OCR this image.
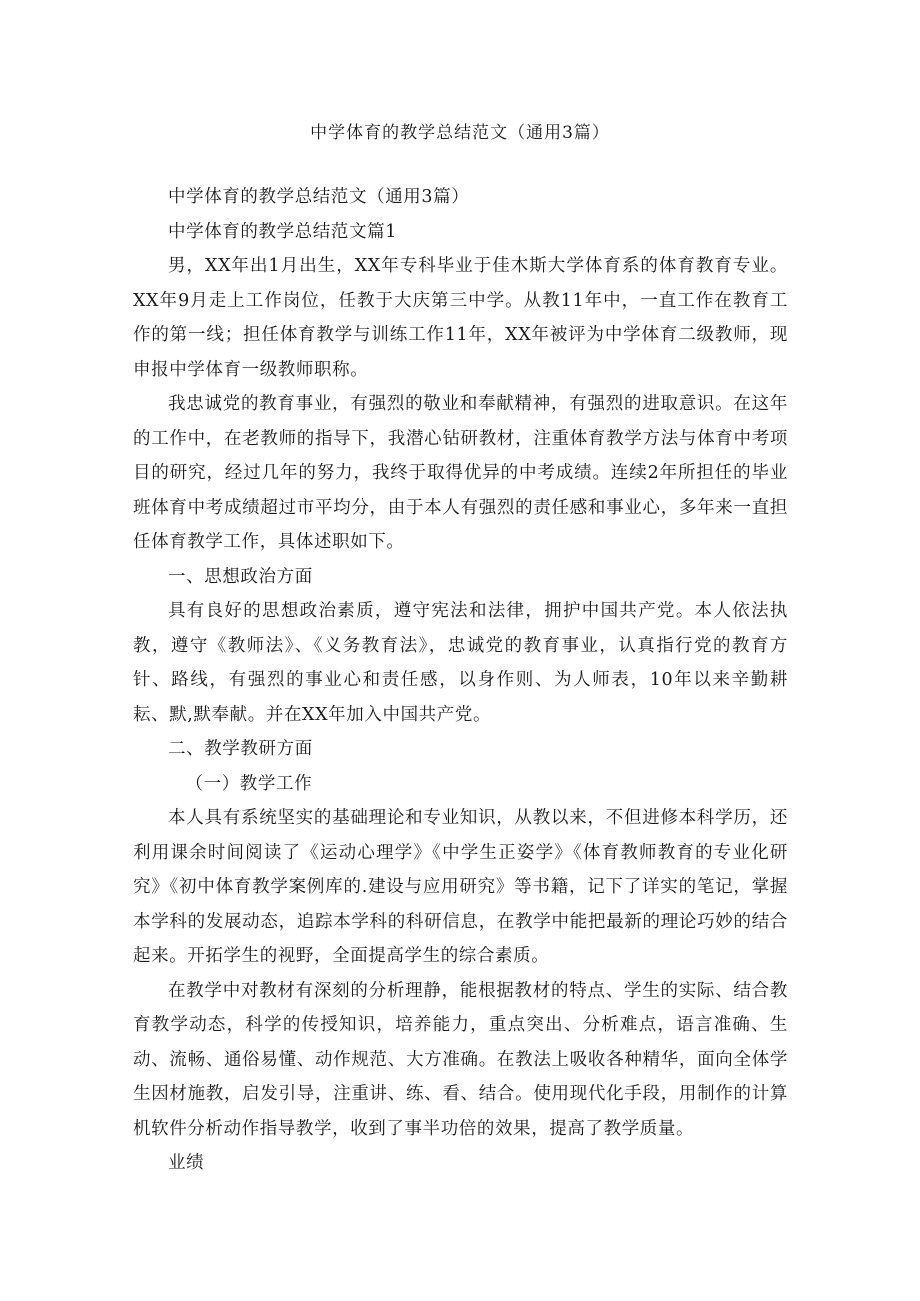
中学体育的教学总结范文（通用3篇）

中学体育的教学总结范文（通用3篇）

中学体育的教学总结范文篇1

男，XX年出1月出生，XX年专科毕业于佳木斯大学体育系的体育教育专业。XX年9月走上工作岗位，任教于大庆第三中学。从教11年中，一直工作在教育工作的第一线；担任体育教学与训练工作11年，XX年被评为中学体育二级教师，现申报中学体育一级教师职称。

我忠诚党的教育事业，有强烈的敬业和奉献精神，有强烈的进取意识。在这年的工作中，在老教师的指导下，我潜心钻研教材，注重体育教学方法与体育中考项目的研究，经过几年的努力，我终于取得优异的中考成绩。连续2年所担任的毕业班体育中考成绩超过市平均分，由于本人有强烈的责任感和事业心，多年来一直担任体育教学工作，具体述职如下。

一、思想政治方面

具有良好的思想政治素质，遵守宪法和法律，拥护中国共产党。本人依法执教，遵守《教师法》、《义务教育法》，忠诚党的教育事业，认真指行党的教育方针、路线，有强烈的事业心和责任感，以身作则、为人师表，10年以来辛勤耕耘、默,默奉献。并在XX年加入中国共产党。

二、教学教研方面

（一）教学工作

本人具有系统坚实的基础理论和专业知识，从教以来，不但进修本科学历，还利用课余时间阅读了《运动心理学》《中学生正姿学》《体育教师教育的专业化研究》《初中体育教学案例库的.建设与应用研究》等书籍，记下了详实的笔记，掌握本学科的发展动态，追踪本学科的科研信息，在教学中能把最新的理论巧妙的结合起来。开拓学生的视野，全面提高学生的综合素质。

在教学中对教材有深刻的分析理静，能根据教材的特点、学生的实际、结合教育教学动态，科学的传授知识，培养能力，重点突出、分析难点，语言准确、生动、流畅、通俗易懂、动作规范、大方准确。在教法上吸收各种精华，面向全体学生因材施教，启发引导，注重讲、练、看、结合。使用现代化手段，用制作的计算机软件分析动作指导教学，收到了事半功倍的效果，提高了教学质量。

业绩
